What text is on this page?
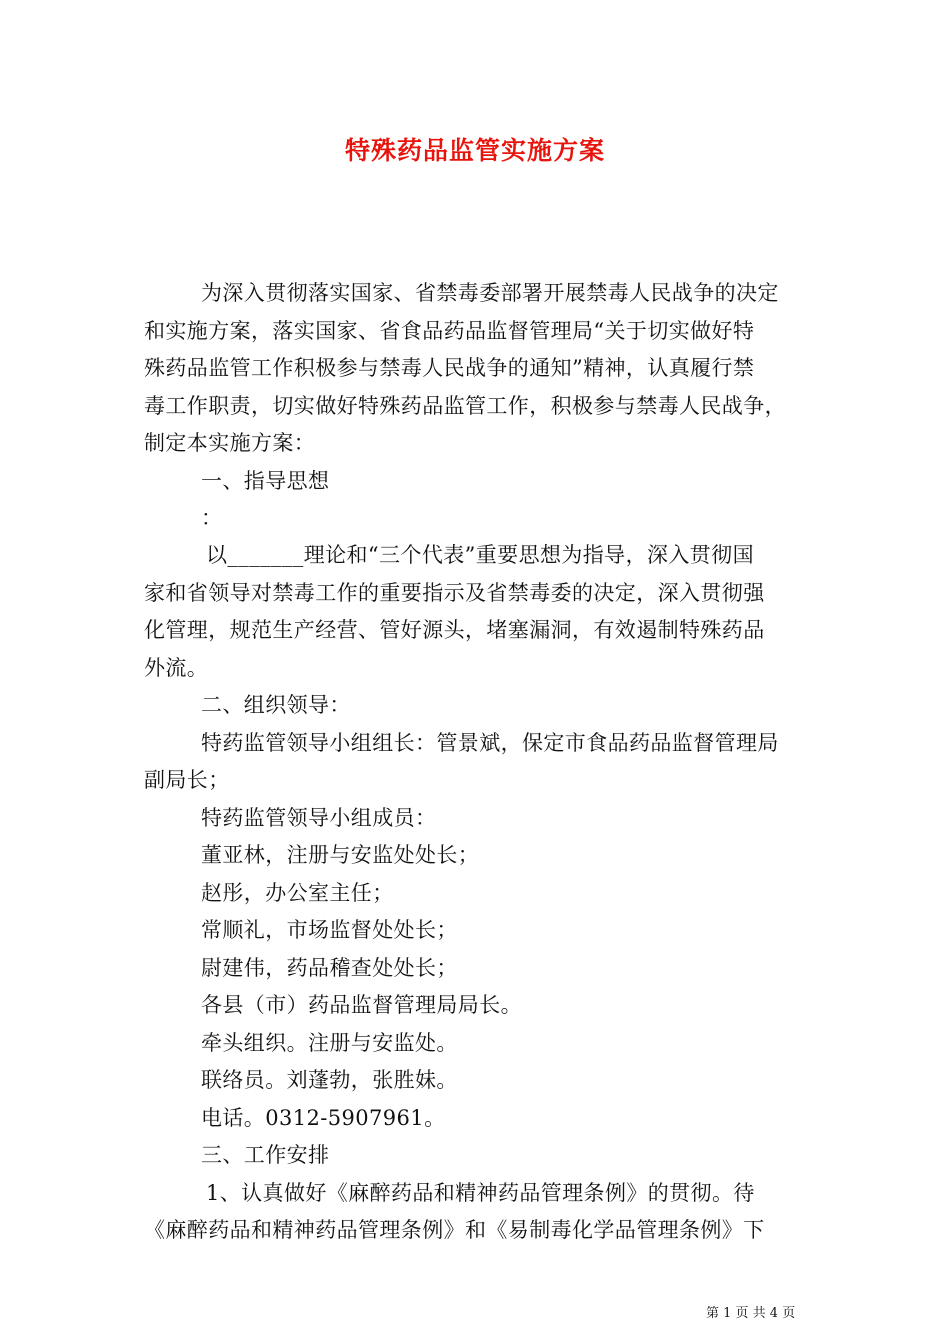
特殊药品监管实施方案
为深入贯彻落实国家、省禁毒委部署开展禁毒人民战争的决定
和实施方案，落实国家、省食品药品监督管理局“关于切实做好特
殊药品监管工作积极参与禁毒人民战争的通知”精神，认真履行禁
毒工作职责，切实做好特殊药品监管工作，积极参与禁毒人民战争，
制定本实施方案：
一、指导思想
：
以_______理论和“三个代表”重要思想为指导，深入贯彻国
家和省领导对禁毒工作的重要指示及省禁毒委的决定，深入贯彻强
化管理，规范生产经营、管好源头，堵塞漏洞，有效遏制特殊药品
外流。
二、组织领导：
特药监管领导小组组长：管景斌，保定市食品药品监督管理局
副局长；
特药监管领导小组成员：
董亚林，注册与安监处处长；
赵彤，办公室主任；
常顺礼，市场监督处处长；
尉建伟，药品稽查处处长；
各县（市）药品监督管理局局长。
牵头组织。注册与安监处。
联络员。刘蓬勃，张胜妹。
电话。0312-5907961。
三、工作安排
1、认真做好《麻醉药品和精神药品管理条例》的贯彻。待
《麻醉药品和精神药品管理条例》和《易制毒化学品管理条例》下
第 1 页 共 4 页
